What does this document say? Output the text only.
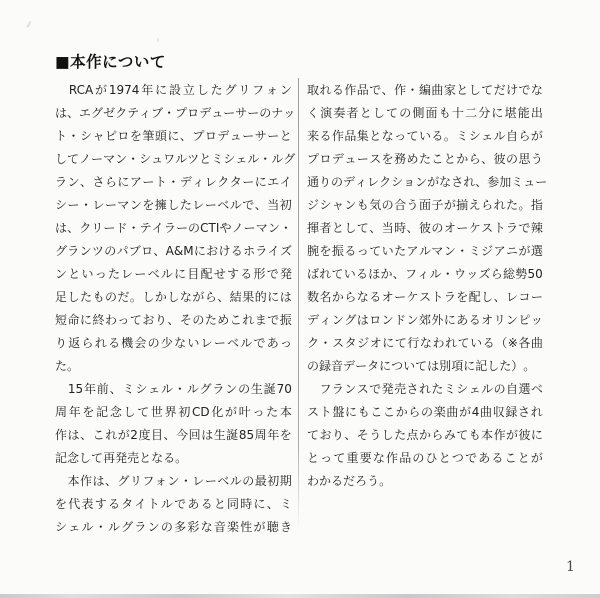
■本作について

RCA が 1974 年 に 設 立 し た グ リ フ ォ ン
は 、 エ グ ゼ ク テ ィ ブ ・ プ ロ デ ュ ー サ ー の ナ ッ
ト ・ シ ャ ピ ロ を 筆 頭 に 、 プ ロ デ ュ ー サ ー と
し て ノ ー マ ン ・ シ ュ ワ ル ツ と ミ シ ェ ル ・ ル グ
ラ ン 、 さ ら に ア ー ト ・ デ ィ レ ク タ ー に エ イ
シ ー ・ レ ー マ ン を 擁 し た レ ー ベ ル で 、 当 初
は 、 ク リ ー ド ・ テ イ ラ ー の CTI や ノ ー マ ン ・
グ ラ ン ツ の パ ブ ロ 、 A&M に お け る ホ ラ イ ズ
ン と い っ た レ ー ベ ル に 目 配 せ す る 形 で 発
足 し た も の だ 。 し か し な が ら 、 結 果 的 に は
短 命 に 終 わ っ て お り 、 そ の た め こ れ ま で 振
り 返 ら れ る 機 会 の 少 な い レ ー ベ ル で あ っ
た 。

15 年 前 、 ミ シ ェ ル ・ ル グ ラ ン の 生 誕 70
周 年 を 記 念 し て 世 界 初 CD 化 が 叶 っ た 本
作 は 、 こ れ が 2 度 目 、 今 回 は 生 誕 85 周 年 を
記 念 し て 再 発 売 と な る 。

本 作 は 、 グ リ フ ォ ン ・ レ ー ベ ル の 最 初 期
を 代 表 す る タ イ ト ル で あ る と 同 時 に 、 ミ
シ ェ ル ・ ル グ ラ ン の 多 彩 な 音 楽 性 が 聴 き
取 れ る 作 品 で 、 作 ・ 編 曲 家 と し て だ け で な
く 演 奏 者 と し て の 側 面 も 十 二 分 に 堪 能 出
来 る 作 品 集 と な っ て い る 。 ミ シ ェ ル 自 ら が
プ ロ デ ュ ー ス を 務 め た こ と か ら 、 彼 の 思 う
通 り の デ ィ レ ク シ ョ ン が な さ れ 、 参 加 ミ ュ ー
ジ シ ャ ン も 気 の 合 う 面 子 が 揃 え ら れ た 。 指
揮 者 と し て 、 当 時 、 彼 の オ ー ケ ス ト ラ で 辣
腕 を 振 る っ て い た ア ル マ ン ・ ミ ジ ア ニ が 選
ば れ て い る ほ か 、 フ ィ ル ・ ウ ッ ズ ら 総 勢 50
数 名 か ら な る オ ー ケ ス ト ラ を 配 し 、 レ コ ー
デ ィ ン グ は ロ ン ド ン 郊 外 に あ る オ リ ン ピ ッ
ク ・ ス タ ジ オ に て 行 な わ れ て い る （ ※ 各 曲
の 録 音 デ ー タ に つ い て は 別 項 に 記 し た ） 。

フ ラ ン ス で 発 売 さ れ た ミ シ ェ ル の 自 選 ベ
ス ト 盤 に も こ こ か ら の 楽 曲 が 4 曲 収 録 さ れ
て お り 、 そ う し た 点 か ら み て も 本 作 が 彼 に
と っ て 重 要 な 作 品 の ひ と つ で あ る こ と が
わ か る だ ろ う 。
1
